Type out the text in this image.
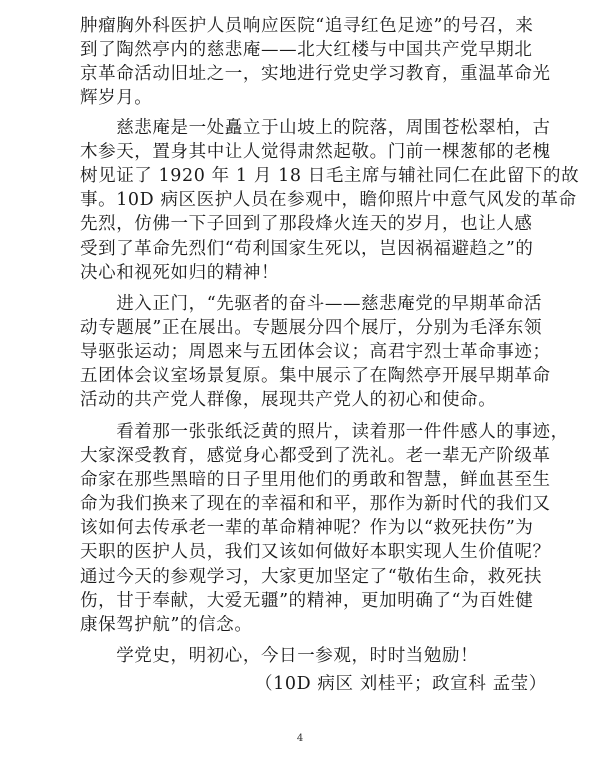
肿瘤胸外科医护人员响应医院“追寻红色足迹”的号召，来
到了陶然亭内的慈悲庵——北大红楼与中国共产党早期北
京革命活动旧址之一，实地进行党史学习教育，重温革命光
辉岁月。
　　慈悲庵是一处矗立于山坡上的院落，周围苍松翠柏，古
木参天，置身其中让人觉得肃然起敬。门前一棵葱郁的老槐
树见证了 1920 年 1 月 18 日毛主席与辅社同仁在此留下的故
事。10D 病区医护人员在参观中，瞻仰照片中意气风发的革命
先烈，仿佛一下子回到了那段烽火连天的岁月，也让人感
受到了革命先烈们“苟利国家生死以，岂因祸福避趋之”的
决心和视死如归的精神！
　　进入正门，“先驱者的奋斗——慈悲庵党的早期革命活
动专题展”正在展出。专题展分四个展厅，分别为毛泽东领
导驱张运动；周恩来与五团体会议；高君宇烈士革命事迹；
五团体会议室场景复原。集中展示了在陶然亭开展早期革命
活动的共产党人群像，展现共产党人的初心和使命。
　　看着那一张张纸泛黄的照片，读着那一件件感人的事迹，
大家深受教育，感觉身心都受到了洗礼。老一辈无产阶级革
命家在那些黑暗的日子里用他们的勇敢和智慧，鲜血甚至生
命为我们换来了现在的幸福和和平，那作为新时代的我们又
该如何去传承老一辈的革命精神呢？作为以“救死扶伤”为
天职的医护人员，我们又该如何做好本职实现人生价值呢？
通过今天的参观学习，大家更加坚定了“敬佑生命，救死扶
伤，甘于奉献，大爱无疆”的精神，更加明确了“为百姓健
康保驾护航”的信念。
　　学党史，明初心，今日一参观，时时当勉励！
（10D 病区 刘桂平；政宣科 孟莹）
4
